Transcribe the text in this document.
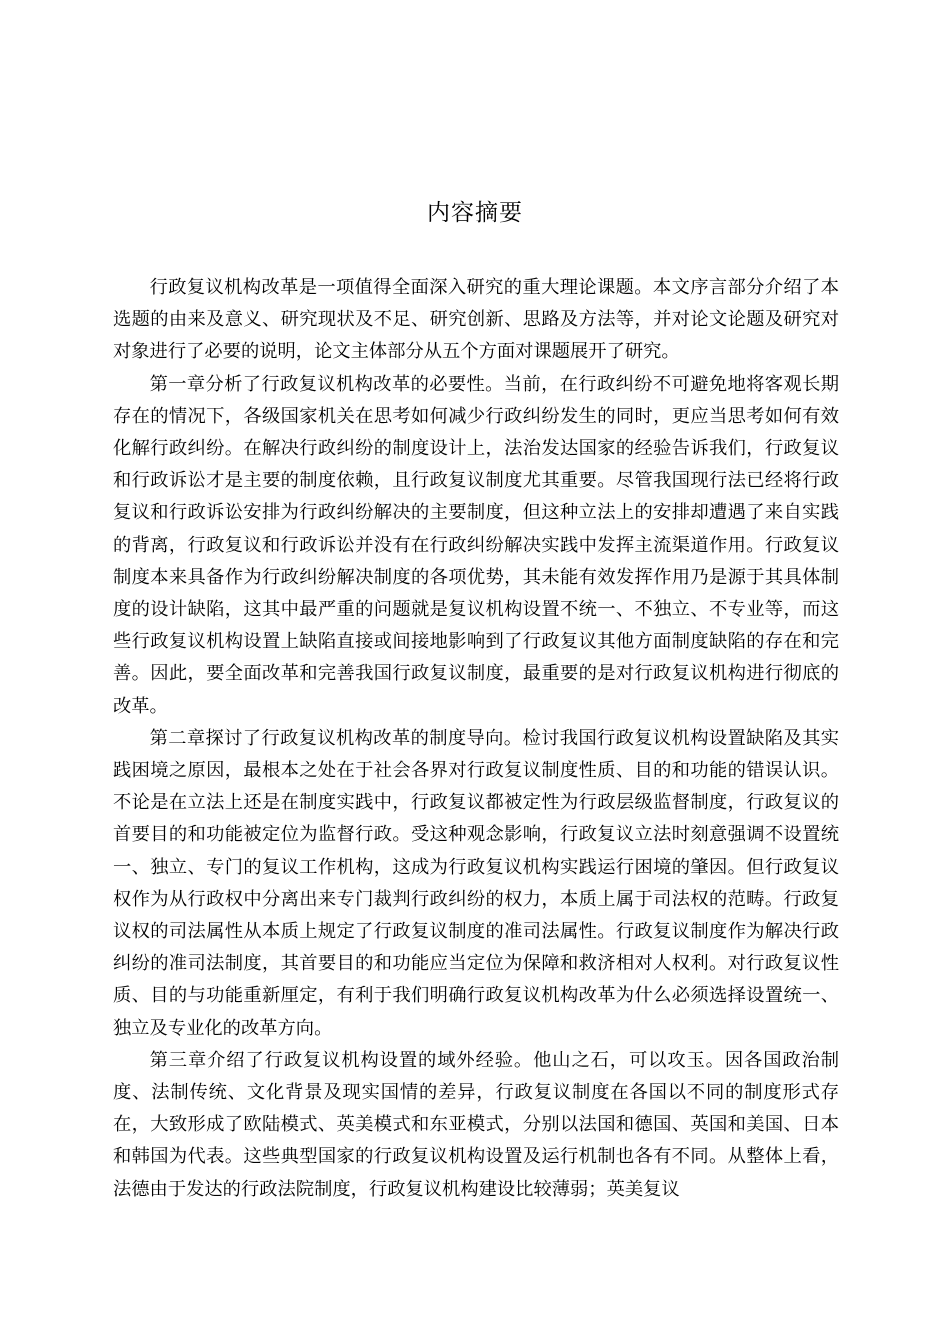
内容摘要

行政复议机构改革是一项值得全面深入研究的重大理论课题。本文序言部分介绍了本选题的由来及意义、研究现状及不足、研究创新、思路及方法等，并对论文论题及研究对对象进行了必要的说明，论文主体部分从五个方面对课题展开了研究。

第一章分析了行政复议机构改革的必要性。当前，在行政纠纷不可避免地将客观长期存在的情况下，各级国家机关在思考如何减少行政纠纷发生的同时，更应当思考如何有效化解行政纠纷。在解决行政纠纷的制度设计上，法治发达国家的经验告诉我们，行政复议和行政诉讼才是主要的制度依赖，且行政复议制度尤其重要。尽管我国现行法已经将行政复议和行政诉讼安排为行政纠纷解决的主要制度，但这种立法上的安排却遭遇了来自实践的背离，行政复议和行政诉讼并没有在行政纠纷解决实践中发挥主流渠道作用。行政复议制度本来具备作为行政纠纷解决制度的各项优势，其未能有效发挥作用乃是源于其具体制度的设计缺陷，这其中最严重的问题就是复议机构设置不统一、不独立、不专业等，而这些行政复议机构设置上缺陷直接或间接地影响到了行政复议其他方面制度缺陷的存在和完善。因此，要全面改革和完善我国行政复议制度，最重要的是对行政复议机构进行彻底的改革。

第二章探讨了行政复议机构改革的制度导向。检讨我国行政复议机构设置缺陷及其实践困境之原因，最根本之处在于社会各界对行政复议制度性质、目的和功能的错误认识。不论是在立法上还是在制度实践中，行政复议都被定性为行政层级监督制度，行政复议的首要目的和功能被定位为监督行政。受这种观念影响，行政复议立法时刻意强调不设置统一、独立、专门的复议工作机构，这成为行政复议机构实践运行困境的肇因。但行政复议权作为从行政权中分离出来专门裁判行政纠纷的权力，本质上属于司法权的范畴。行政复议权的司法属性从本质上规定了行政复议制度的准司法属性。行政复议制度作为解决行政纠纷的准司法制度，其首要目的和功能应当定位为保障和救济相对人权利。对行政复议性质、目的与功能重新厘定，有利于我们明确行政复议机构改革为什么必须选择设置统一、独立及专业化的改革方向。

第三章介绍了行政复议机构设置的域外经验。他山之石，可以攻玉。因各国政治制度、法制传统、文化背景及现实国情的差异，行政复议制度在各国以不同的制度形式存在，大致形成了欧陆模式、英美模式和东亚模式，分别以法国和德国、英国和美国、日本和韩国为代表。这些典型国家的行政复议机构设置及运行机制也各有不同。从整体上看，法德由于发达的行政法院制度，行政复议机构建设比较薄弱；英美复议
